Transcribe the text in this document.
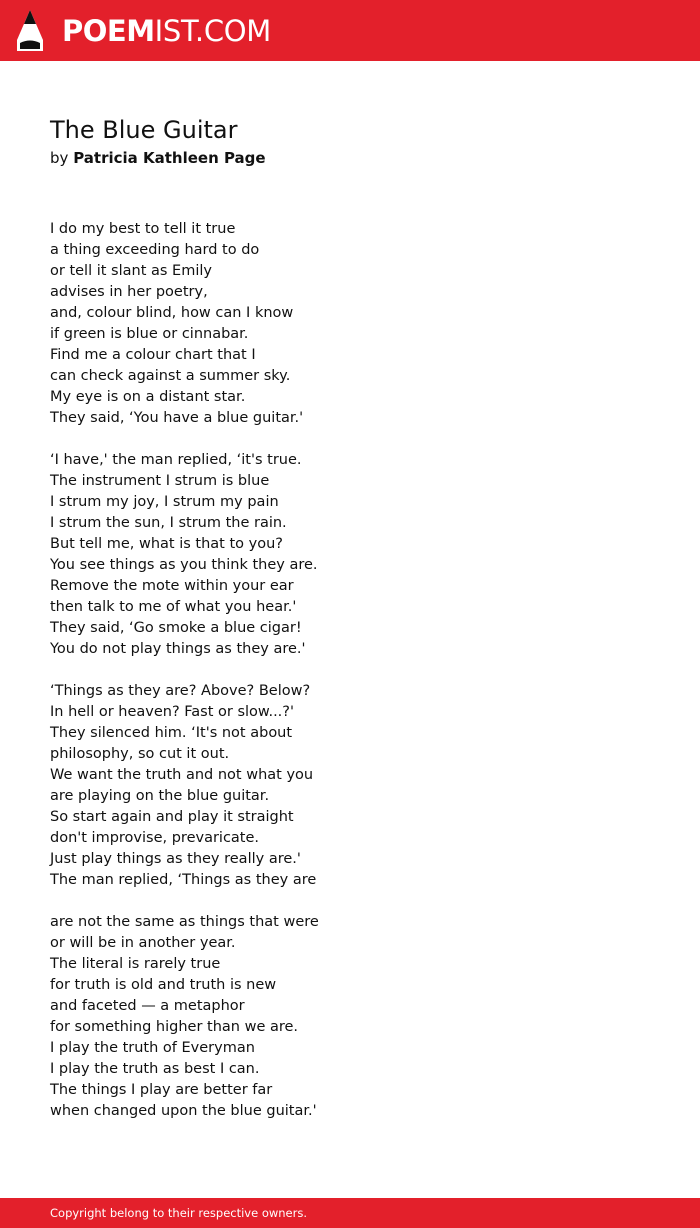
POEM IST.COM
The Blue Guitar
by Patricia Kathleen Page
I do my best to tell it true
a thing exceeding hard to do
or tell it slant as Emily
advises in her poetry,
and, colour blind, how can I know
if green is blue or cinnabar.
Find me a colour chart that I
can check against a summer sky.
My eye is on a distant star.
They said, ‘You have a blue guitar.'
‘I have,' the man replied, ‘it's true.
The instrument I strum is blue
I strum my joy, I strum my pain
I strum the sun, I strum the rain.
But tell me, what is that to you?
You see things as you think they are.
Remove the mote within your ear
then talk to me of what you hear.'
They said, ‘Go smoke a blue cigar!
You do not play things as they are.'
‘Things as they are? Above? Below?
In hell or heaven? Fast or slow...?'
They silenced him. ‘It's not about
philosophy, so cut it out.
We want the truth and not what you
are playing on the blue guitar.
So start again and play it straight
don't improvise, prevaricate.
Just play things as they really are.'
The man replied, ‘Things as they are
are not the same as things that were
or will be in another year.
The literal is rarely true
for truth is old and truth is new
and faceted — a metaphor
for something higher than we are.
I play the truth of Everyman
I play the truth as best I can.
The things I play are better far
when changed upon the blue guitar.'
Copyright belong to their respective owners.
